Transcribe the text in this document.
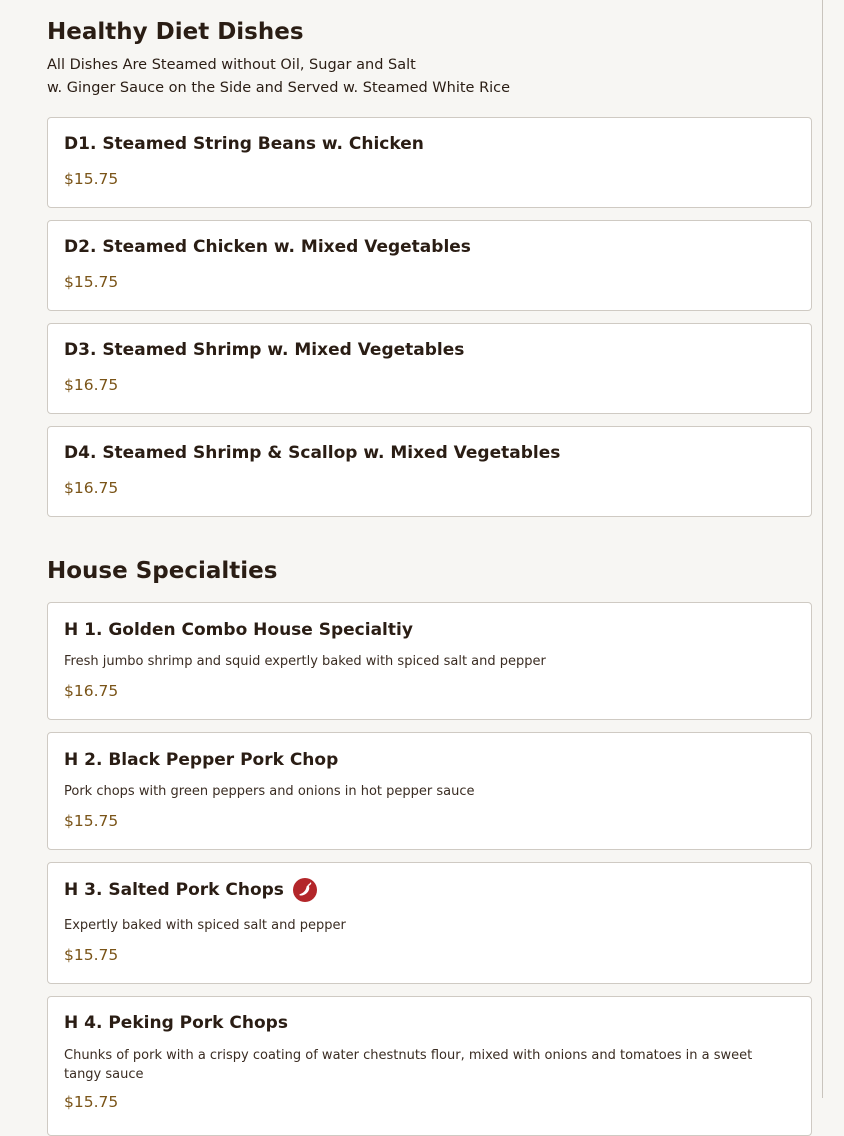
Healthy Diet Dishes
All Dishes Are Steamed without Oil, Sugar and Salt
w. Ginger Sauce on the Side and Served w. Steamed White Rice
D1. Steamed String Beans w. Chicken
$15.75
D2. Steamed Chicken w. Mixed Vegetables
$15.75
D3. Steamed Shrimp w. Mixed Vegetables
$16.75
D4. Steamed Shrimp & Scallop w. Mixed Vegetables
$16.75
House Specialties
H 1. Golden Combo House Specialtiy
Fresh jumbo shrimp and squid expertly baked with spiced salt and pepper
$16.75
H 2. Black Pepper Pork Chop
Pork chops with green peppers and onions in hot pepper sauce
$15.75
H 3. Salted Pork Chops
Expertly baked with spiced salt and pepper
$15.75
H 4. Peking Pork Chops
Chunks of pork with a crispy coating of water chestnuts flour, mixed with onions and tomatoes in a sweet tangy sauce
$15.75
